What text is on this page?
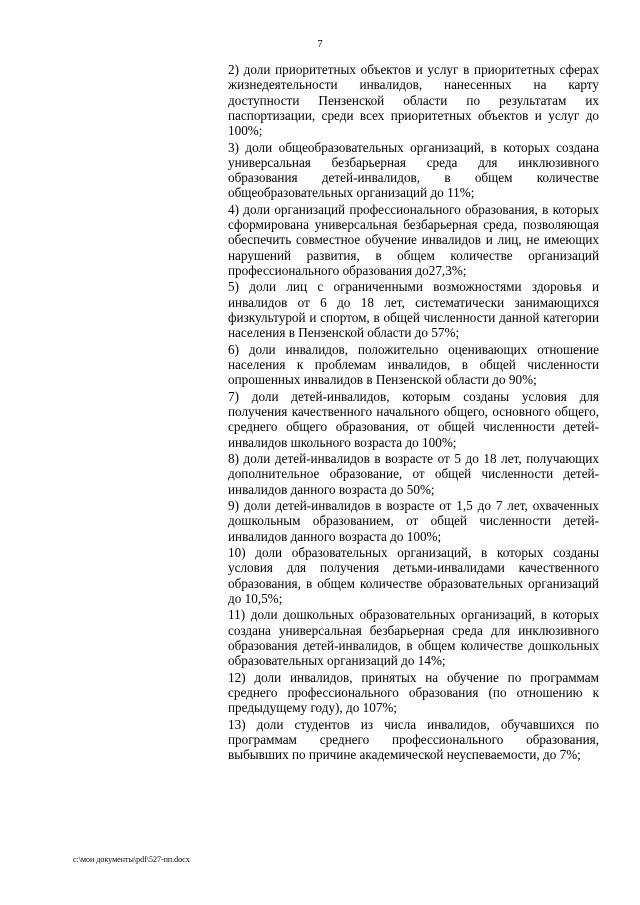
7

2) доли приоритетных объектов и услуг в приоритетных сферах жизнедеятельности инвалидов, нанесенных на карту доступности Пензенской области по результатам их паспортизации, среди всех приоритетных объектов и услуг до 100%;

3) доли общеобразовательных организаций, в которых создана универсальная безбарьерная среда для инклюзивного образования детей-инвалидов, в общем количестве общеобразовательных организаций до 11%;

4) доли организаций профессионального образования, в которых сформирована универсальная безбарьерная среда, позволяющая обеспечить совместное обучение инвалидов и лиц, не имеющих нарушений развития, в общем количестве организаций профессионального образования до27,3%;

5) доли лиц с ограниченными возможностями здоровья и инвалидов от 6 до 18 лет, систематически занимающихся физкультурой и спортом, в общей численности данной категории населения в Пензенской области до 57%;

6) доли инвалидов, положительно оценивающих отношение населения к проблемам инвалидов, в общей численности опрошенных инвалидов в Пензенской области до 90%;

7) доли детей-инвалидов, которым созданы условия для получения качественного начального общего, основного общего, среднего общего образования, от общей численности детей-инвалидов школьного возраста до 100%;

8) доли детей-инвалидов в возрасте от 5 до 18 лет, получающих дополнительное образование, от общей численности детей-инвалидов данного возраста до 50%;

9) доли детей-инвалидов в возрасте от 1,5 до 7 лет, охваченных дошкольным образованием, от общей численности детей-инвалидов данного возраста до 100%;

10) доли образовательных организаций, в которых созданы условия для получения детьми-инвалидами качественного образования, в общем количестве образовательных организаций до 10,5%;

11) доли дошкольных образовательных организаций, в которых создана универсальная безбарьерная среда для инклюзивного образования детей-инвалидов, в общем количестве дошкольных образовательных организаций до 14%;

12) доли инвалидов, принятых на обучение по программам среднего профессионального образования (по отношению к предыдущему году), до 107%;

13) доли студентов из числа инвалидов, обучавшихся по программам среднего профессионального образования, выбывших по причине академической неуспеваемости, до 7%;

c:\мои документы\pdf\527-пп.docx
